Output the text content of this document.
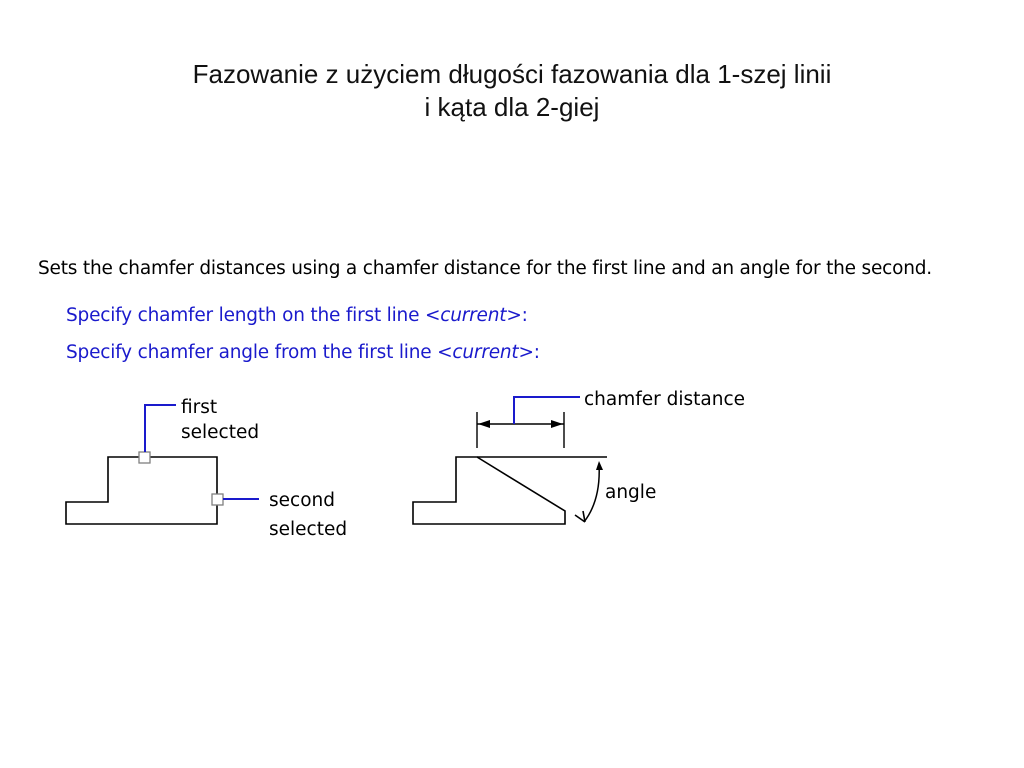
Fazowanie z użyciem długości fazowania dla 1-szej linii
i kąta dla 2-giej
Sets the chamfer distances using a chamfer distance for the first line and an angle for the second.
Specify chamfer length on the first line <current>:
Specify chamfer angle from the first line <current>:
first
selected
second
selected
chamfer distance
angle
